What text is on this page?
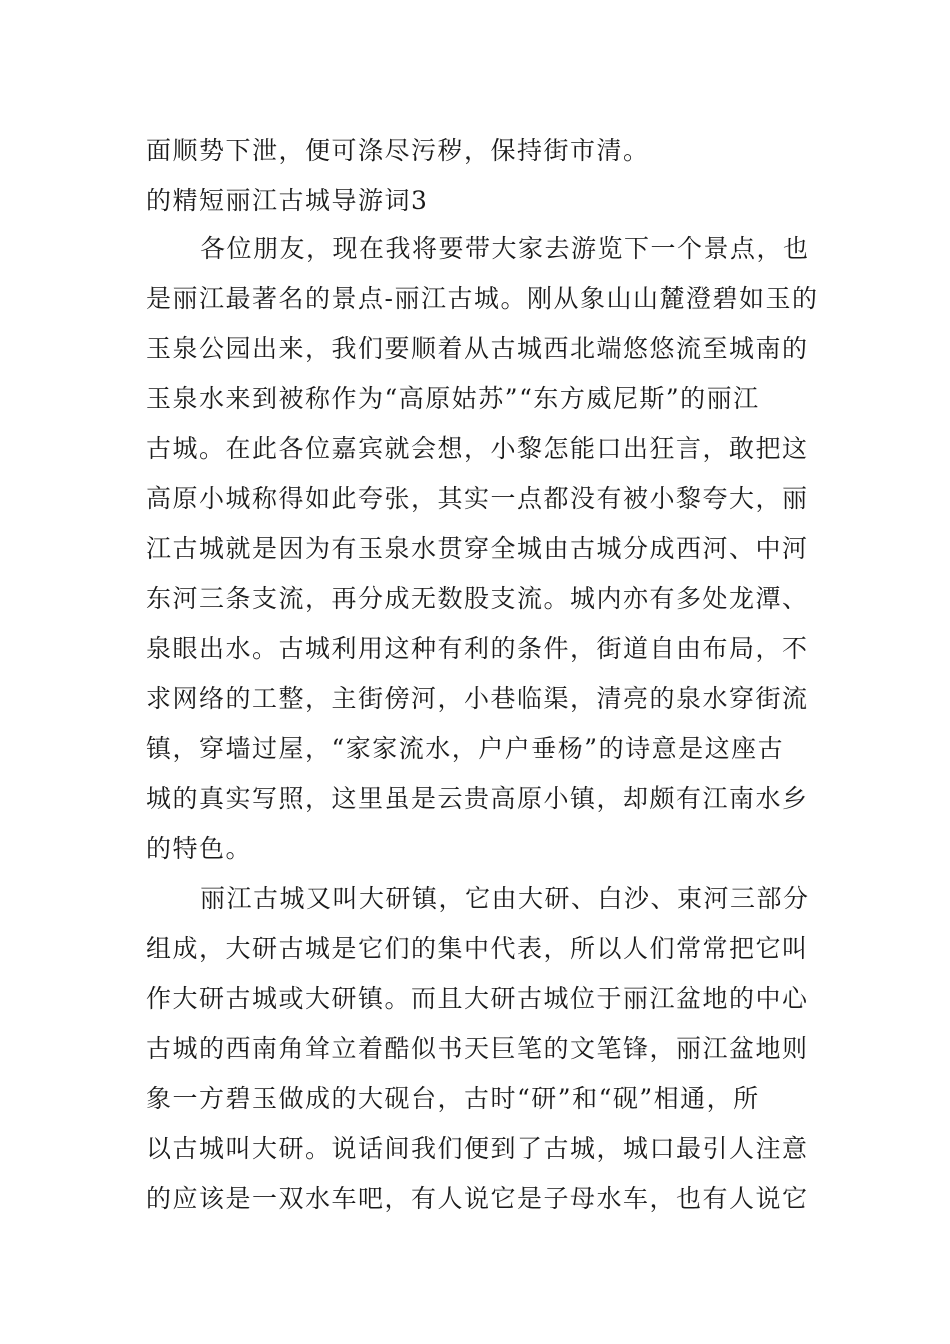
面顺势下泄，便可涤尽污秽，保持街市清。
的精短丽江古城导游词3
各位朋友，现在我将要带大家去游览下一个景点，也
是丽江最著名的景点-丽江古城。刚从象山山麓澄碧如玉的
玉泉公园出来，我们要顺着从古城西北端悠悠流至城南的
玉泉水来到被称作为“高原姑苏”“东方威尼斯”的丽江
古城。在此各位嘉宾就会想，小黎怎能口出狂言，敢把这
高原小城称得如此夸张，其实一点都没有被小黎夸大，丽
江古城就是因为有玉泉水贯穿全城由古城分成西河、中河
东河三条支流，再分成无数股支流。城内亦有多处龙潭、
泉眼出水。古城利用这种有利的条件，街道自由布局，不
求网络的工整，主街傍河，小巷临渠，清亮的泉水穿街流
镇，穿墙过屋，“家家流水，户户垂杨”的诗意是这座古
城的真实写照，这里虽是云贵高原小镇，却颇有江南水乡
的特色。
丽江古城又叫大研镇，它由大研、白沙、束河三部分
组成，大研古城是它们的集中代表，所以人们常常把它叫
作大研古城或大研镇。而且大研古城位于丽江盆地的中心
古城的西南角耸立着酷似书天巨笔的文笔锋，丽江盆地则
象一方碧玉做成的大砚台，古时“研”和“砚”相通，所
以古城叫大研。说话间我们便到了古城，城口最引人注意
的应该是一双水车吧，有人说它是子母水车，也有人说它
